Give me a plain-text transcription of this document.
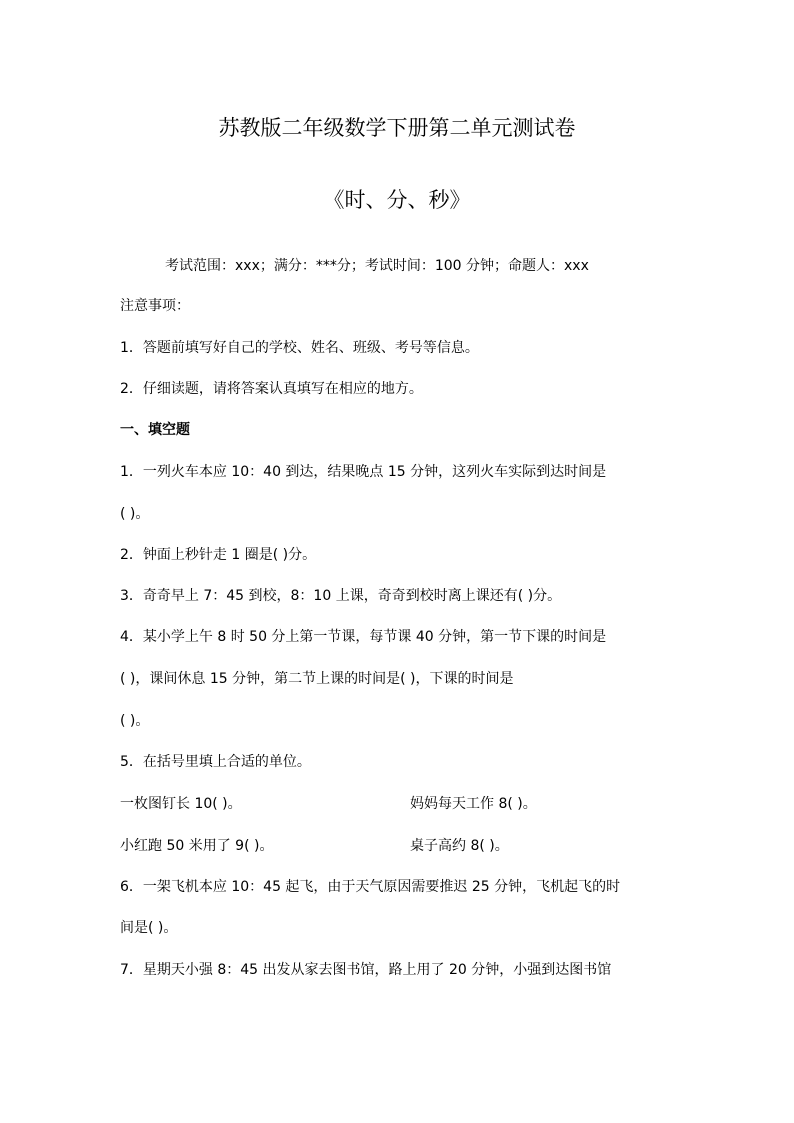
苏教版二年级数学下册第二单元测试卷
《时、分、秒》
考试范围：xxx；满分：***分；考试时间：100 分钟；命题人：xxx
注意事项：
1．答题前填写好自己的学校、姓名、班级、考号等信息。
2．仔细读题，请将答案认真填写在相应的地方。
一、填空题
1．一列火车本应 10：40 到达，结果晚点 15 分钟，这列火车实际到达时间是
( )。
2．钟面上秒针走 1 圈是( )分。
3．奇奇早上 7：45 到校，8：10 上课，奇奇到校时离上课还有( )分。
4．某小学上午 8 时 50 分上第一节课，每节课 40 分钟，第一节下课的时间是
( )，课间休息 15 分钟，第二节上课的时间是( )，下课的时间是
( )。
5．在括号里填上合适的单位。
一枚图钉长 10( )。	妈妈每天工作 8( )。
小红跑 50 米用了 9( )。	桌子高约 8( )。
6．一架飞机本应 10：45 起飞，由于天气原因需要推迟 25 分钟，飞机起飞的时
间是( )。
7．星期天小强 8：45 出发从家去图书馆，路上用了 20 分钟，小强到达图书馆
